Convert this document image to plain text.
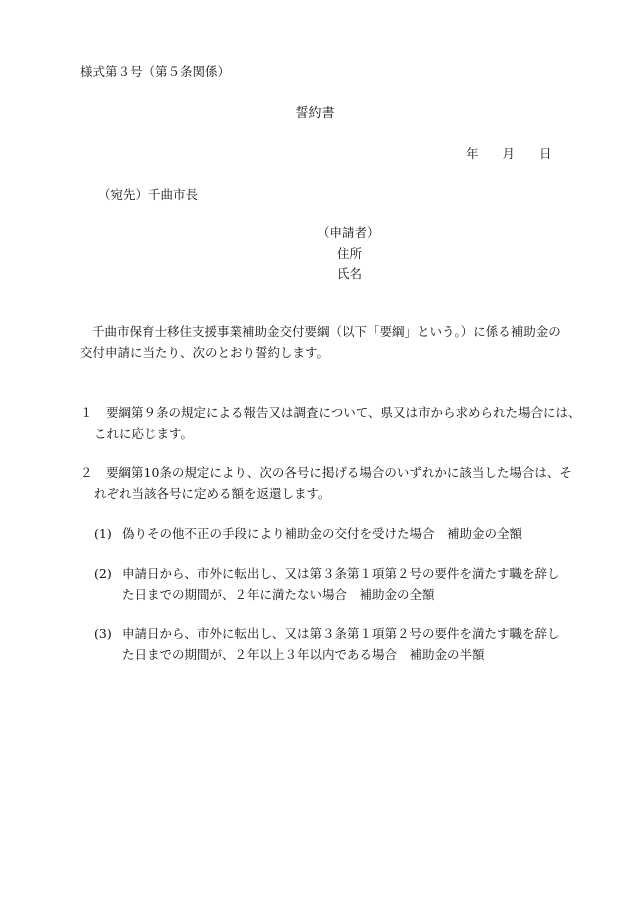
様式第３号（第５条関係）
誓約書
年 月 日
（宛先）千曲市長
（申請者）
住所
氏名
千曲市保育士移住支援事業補助金交付要綱（以下「要綱」という。）に係る補助金の
交付申請に当たり、次のとおり誓約します。
１ 要綱第９条の規定による報告又は調査について、県又は市から求められた場合には、
これに応じます。
２ 要綱第10条の規定により、次の各号に掲げる場合のいずれかに該当した場合は、そ
れぞれ当該各号に定める額を返還します。
(1) 偽りその他不正の手段により補助金の交付を受けた場合　補助金の全額
(2) 申請日から、市外に転出し、又は第３条第１項第２号の要件を満たす職を辞し
た日までの期間が、２年に満たない場合　補助金の全額
(3) 申請日から、市外に転出し、又は第３条第１項第２号の要件を満たす職を辞し
た日までの期間が、２年以上３年以内である場合　補助金の半額
